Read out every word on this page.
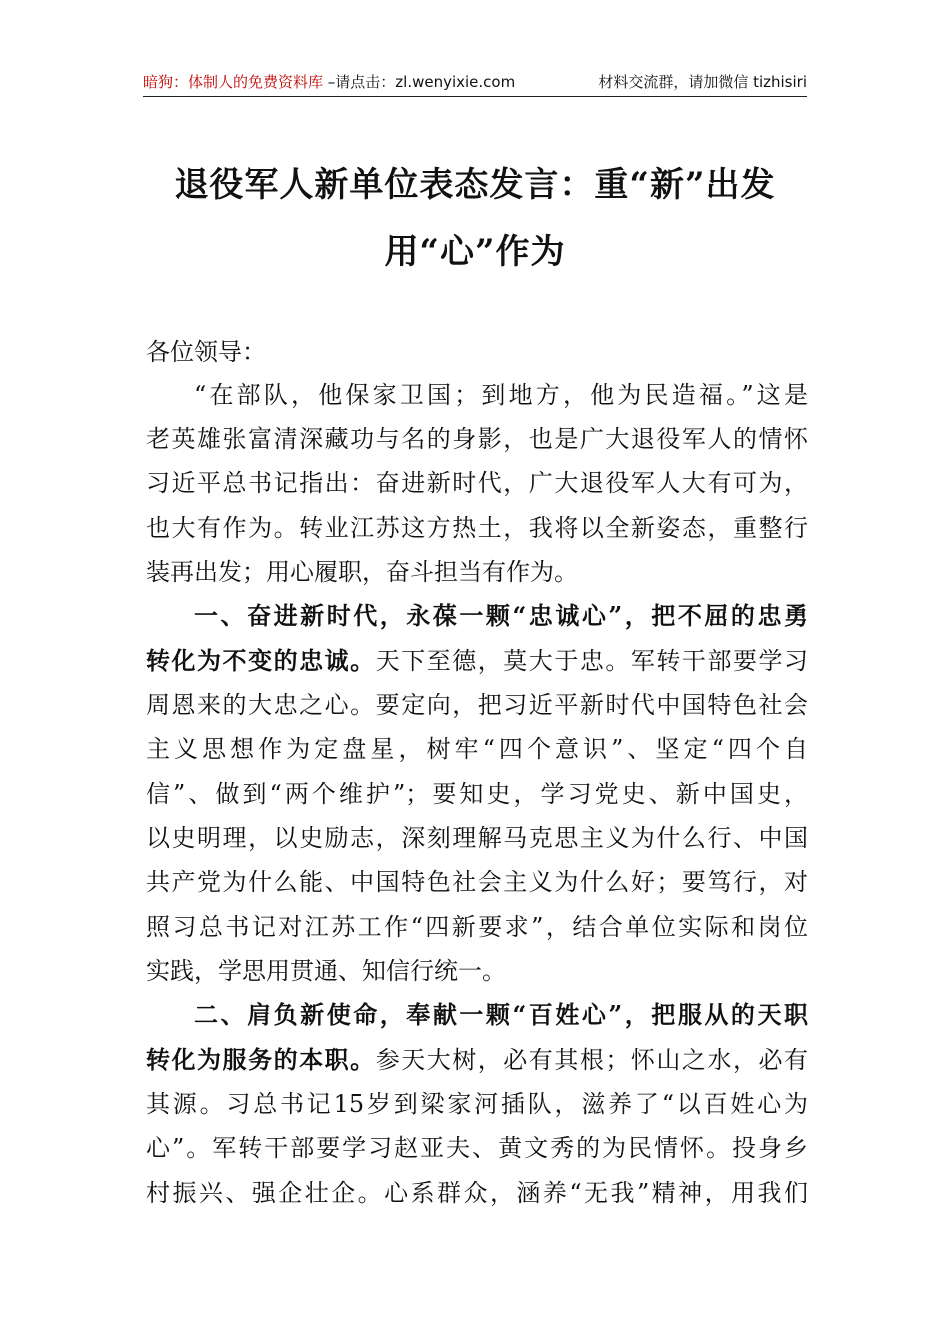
暗狗：体制人的免费资料库 –请点击：zl.wenyixie.com	材料交流群，请加微信 tizhisiri
退役军人新单位表态发言：重“新”出发
用“心”作为
各位领导：
“在部队，他保家卫国；到地方，他为民造福。”这是
老英雄张富清深藏功与名的身影，也是广大退役军人的情怀
习近平总书记指出：奋进新时代，广大退役军人大有可为，
也大有作为。转业江苏这方热土，我将以全新姿态，重整行
装再出发；用心履职，奋斗担当有作为。
一、奋进新时代，永葆一颗“忠诚心”，把不屈的忠勇
转化为不变的忠诚。天下至德，莫大于忠。军转干部要学习
周恩来的大忠之心。要定向，把习近平新时代中国特色社会
主义思想作为定盘星，树牢“四个意识”、坚定“四个自
信”、做到“两个维护”；要知史，学习党史、新中国史，
以史明理，以史励志，深刻理解马克思主义为什么行、中国
共产党为什么能、中国特色社会主义为什么好；要笃行，对
照习总书记对江苏工作“四新要求”，结合单位实际和岗位
实践，学思用贯通、知信行统一。
二、肩负新使命，奉献一颗“百姓心”，把服从的天职
转化为服务的本职。参天大树，必有其根；怀山之水，必有
其源。习总书记15岁到梁家河插队，滋养了“以百姓心为
心”。军转干部要学习赵亚夫、黄文秀的为民情怀。投身乡
村振兴、强企壮企。心系群众，涵养“无我”精神，用我们
